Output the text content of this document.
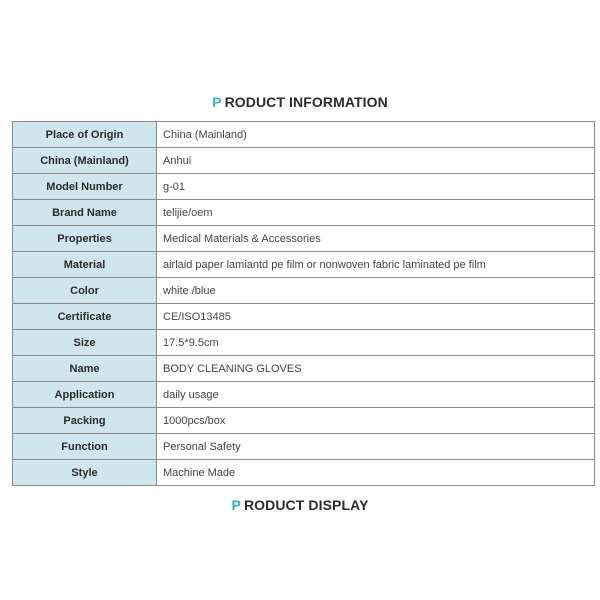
P RODUCT INFORMATION
Place of Origin	China (Mainland)
China (Mainland)	Anhui
Model Number	g-01
Brand Name	telijie/oem
Properties	Medical Materials & Accessories
Material	airlaid paper lamiantd pe film or nonwoven fabric laminated pe film
Color	white /blue
Certificate	CE/ISO13485
Size	17.5*9.5cm
Name	BODY CLEANING GLOVES
Application	daily usage
Packing	1000pcs/box
Function	Personal Safety
Style	Machine Made
P RODUCT DISPLAY
